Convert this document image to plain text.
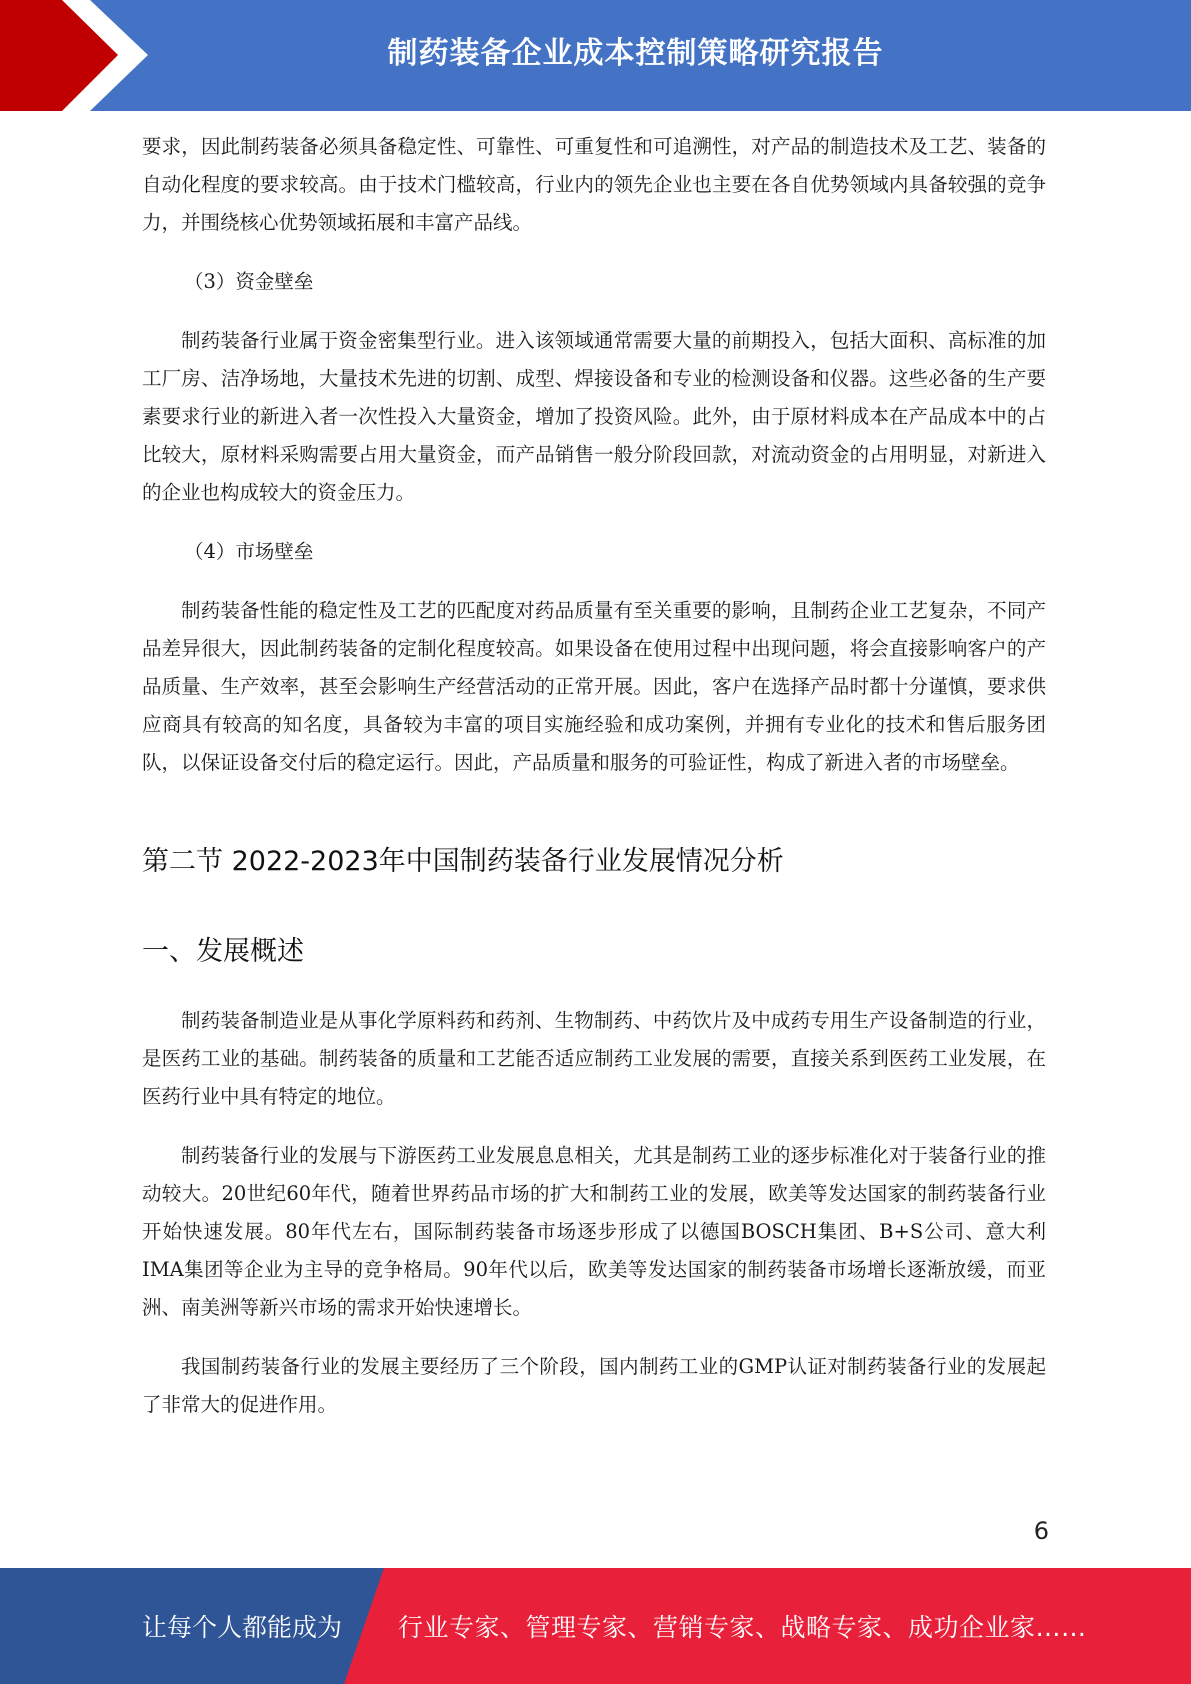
制药装备企业成本控制策略研究报告

要求，因此制药装备必须具备稳定性、可靠性、可重复性和可追溯性，对产品的制造技术及工艺、装备的自动化程度的要求较高。由于技术门槛较高，行业内的领先企业也主要在各自优势领域内具备较强的竞争力，并围绕核心优势领域拓展和丰富产品线。

（3）资金壁垒

制药装备行业属于资金密集型行业。进入该领域通常需要大量的前期投入，包括大面积、高标准的加工厂房、洁净场地，大量技术先进的切割、成型、焊接设备和专业的检测设备和仪器。这些必备的生产要素要求行业的新进入者一次性投入大量资金，增加了投资风险。此外，由于原材料成本在产品成本中的占比较大，原材料采购需要占用大量资金，而产品销售一般分阶段回款，对流动资金的占用明显，对新进入的企业也构成较大的资金压力。

（4）市场壁垒

制药装备性能的稳定性及工艺的匹配度对药品质量有至关重要的影响，且制药企业工艺复杂，不同产品差异很大，因此制药装备的定制化程度较高。如果设备在使用过程中出现问题，将会直接影响客户的产品质量、生产效率，甚至会影响生产经营活动的正常开展。因此，客户在选择产品时都十分谨慎，要求供应商具有较高的知名度，具备较为丰富的项目实施经验和成功案例，并拥有专业化的技术和售后服务团队，以保证设备交付后的稳定运行。因此，产品质量和服务的可验证性，构成了新进入者的市场壁垒。

第二节 2022-2023年中国制药装备行业发展情况分析
一、发展概述

制药装备制造业是从事化学原料药和药剂、生物制药、中药饮片及中成药专用生产设备制造的行业，是医药工业的基础。制药装备的质量和工艺能否适应制药工业发展的需要，直接关系到医药工业发展，在医药行业中具有特定的地位。

制药装备行业的发展与下游医药工业发展息息相关，尤其是制药工业的逐步标准化对于装备行业的推动较大。20世纪60年代，随着世界药品市场的扩大和制药工业的发展，欧美等发达国家的制药装备行业开始快速发展。80年代左右，国际制药装备市场逐步形成了以德国BOSCH集团、B+S公司、意大利IMA集团等企业为主导的竞争格局。90年代以后，欧美等发达国家的制药装备市场增长逐渐放缓，而亚洲、南美洲等新兴市场的需求开始快速增长。

我国制药装备行业的发展主要经历了三个阶段，国内制药工业的GMP认证对制药装备行业的发展起了非常大的促进作用。

6
让每个人都能成为 行业专家、管理专家、营销专家、战略专家、成功企业家……
